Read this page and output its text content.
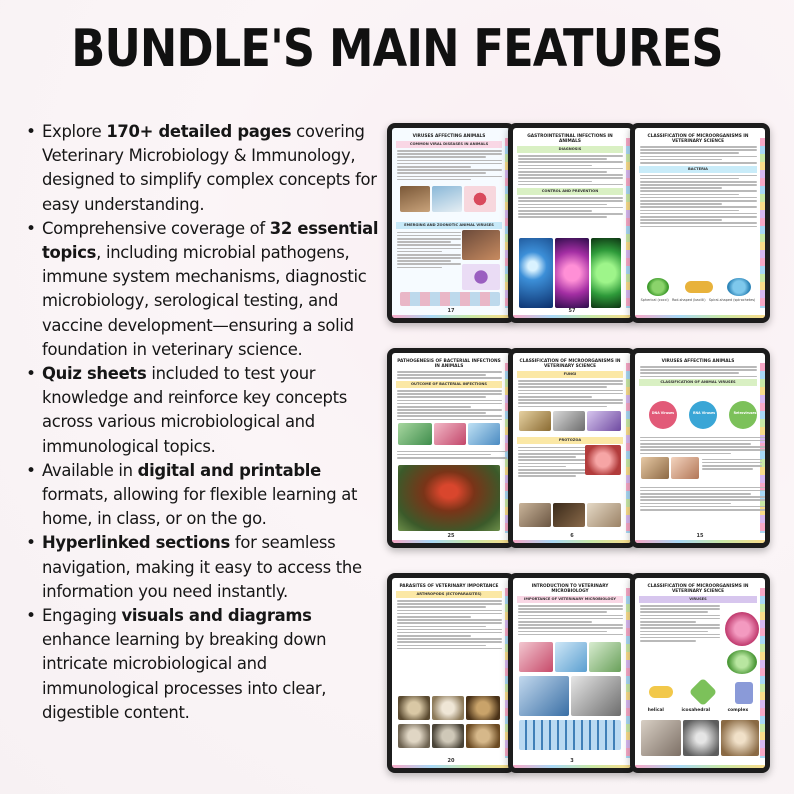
BUNDLE'S MAIN FEATURES
• Explore 170+ detailed pages covering Veterinary Microbiology & Immunology, designed to simplify complex concepts for easy understanding.
• Comprehensive coverage of 32 essential topics, including microbial pathogens, immune system mechanisms, diagnostic microbiology, serological testing, and vaccine development—ensuring a solid foundation in veterinary science.
• Quiz sheets included to test your knowledge and reinforce key concepts across various microbiological and immunological topics.
• Available in digital and printable formats, allowing for flexible learning at home, in class, or on the go.
• Hyperlinked sections for seamless navigation, making it easy to access the information you need instantly.
• Engaging visuals and diagrams enhance learning by breaking down intricate microbiological and immunological processes into clear, digestible content.
VIRUSES AFFECTING ANIMALS
COMMON VIRAL DISEASES IN ANIMALS
EMERGING AND ZOONOTIC ANIMAL VIRUSES
17
GASTROINTESTINAL INFECTIONS IN ANIMALS
DIAGNOSIS
CONTROL AND PREVENTION
57
CLASSIFICATION OF MICROORGANISMS IN VETERINARY SCIENCE
BACTERIA
Spherical (cocci) Rod-shaped (bacilli) Spiral-shaped (spirochetes)
PATHOGENESIS OF BACTERIAL INFECTIONS IN ANIMALS
OUTCOME OF BACTERIAL INFECTIONS
25
CLASSIFICATION OF MICROORGANISMS IN VETERINARY SCIENCE
FUNGI
PROTOZOA
6
VIRUSES AFFECTING ANIMALS
CLASSIFICATION OF ANIMAL VIRUSES
DNA Viruses	RNA Viruses	Retroviruses
15
PARASITES OF VETERINARY IMPORTANCE
ARTHROPODS (ECTOPARASITES)
20
INTRODUCTION TO VETERINARY MICROBIOLOGY
IMPORTANCE OF VETERINARY MICROBIOLOGY
3
CLASSIFICATION OF MICROORGANISMS IN VETERINARY SCIENCE
VIRUSES
helical	icosahedral	complex
